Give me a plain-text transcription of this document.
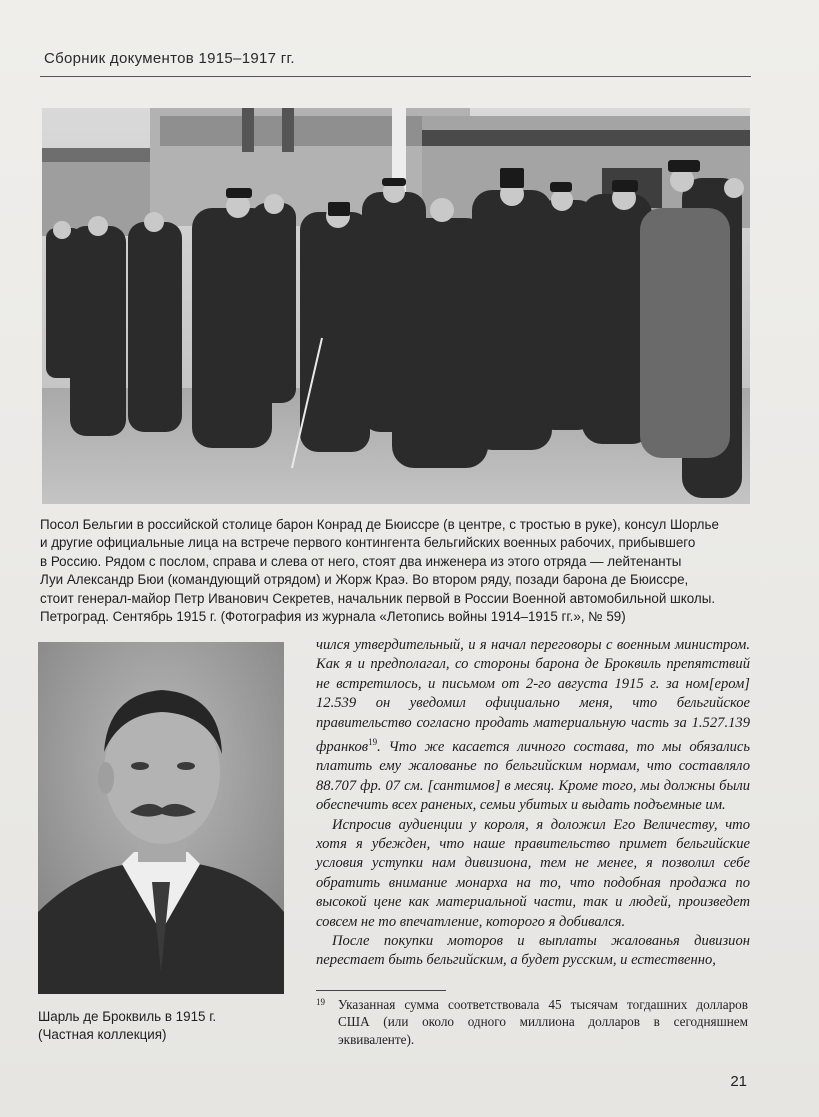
Сборник документов 1915–1917 гг.

Посол Бельгии в российской столице барон Конрад де Бюиссре (в центре, с тростью в руке), консул Шорлье

и другие официальные лица на встрече первого контингента бельгийских военных рабочих, прибывшего

в Россию. Рядом с послом, справа и слева от него, стоят два инженера из этого отряда — лейтенанты

Луи Александр Бюи (командующий отрядом) и Жорж Краэ. Во втором ряду, позади барона де Бюиссре,

стоит генерал-майор Петр Иванович Секретев, начальник первой в России Военной автомобильной школы.

Петроград. Сентябрь 1915 г. (Фотография из журнала «Летопись войны 1914–1915 гг.», № 59)

Шарль де Броквиль в 1915 г.
(Частная коллекция)

чился утвердительный, и я начал переговоры с военным министром. Как я и предполагал, со стороны барона де Броквиль препятствий не встретилось, и письмом от 2-го августа 1915 г. за ном[ером] 12.539 он уведомил официально меня, что бельгийское правительство согласно продать материальную часть за 1.527.139 франков$^{19}$. Что же касается личного состава, то мы обязались платить ему жалованье по бельгийским нормам, что составляло 88.707 фр. 07 см. [сантимов] в месяц. Кроме того, мы должны были обеспечить всех раненых, семьи убитых и выдать подъемные им.

Испросив аудиенции у короля, я доложил Его Величеству, что хотя я убежден, что наше правительство примет бельгийские условия уступки нам дивизиона, тем не менее, я позволил себе обратить внимание монарха на то, что подобная продажа по высокой цене как материальной части, так и людей, произведет совсем не то впечатление, которого я добивался.

После покупки моторов и выплаты жалованья дивизион перестает быть бельгийским, а будет русским, и естественно,

19 Указанная сумма соответствовала 45 тысячам тогдашних долларов США (или около одного миллиона долларов в сегодняшнем эквиваленте).
21
